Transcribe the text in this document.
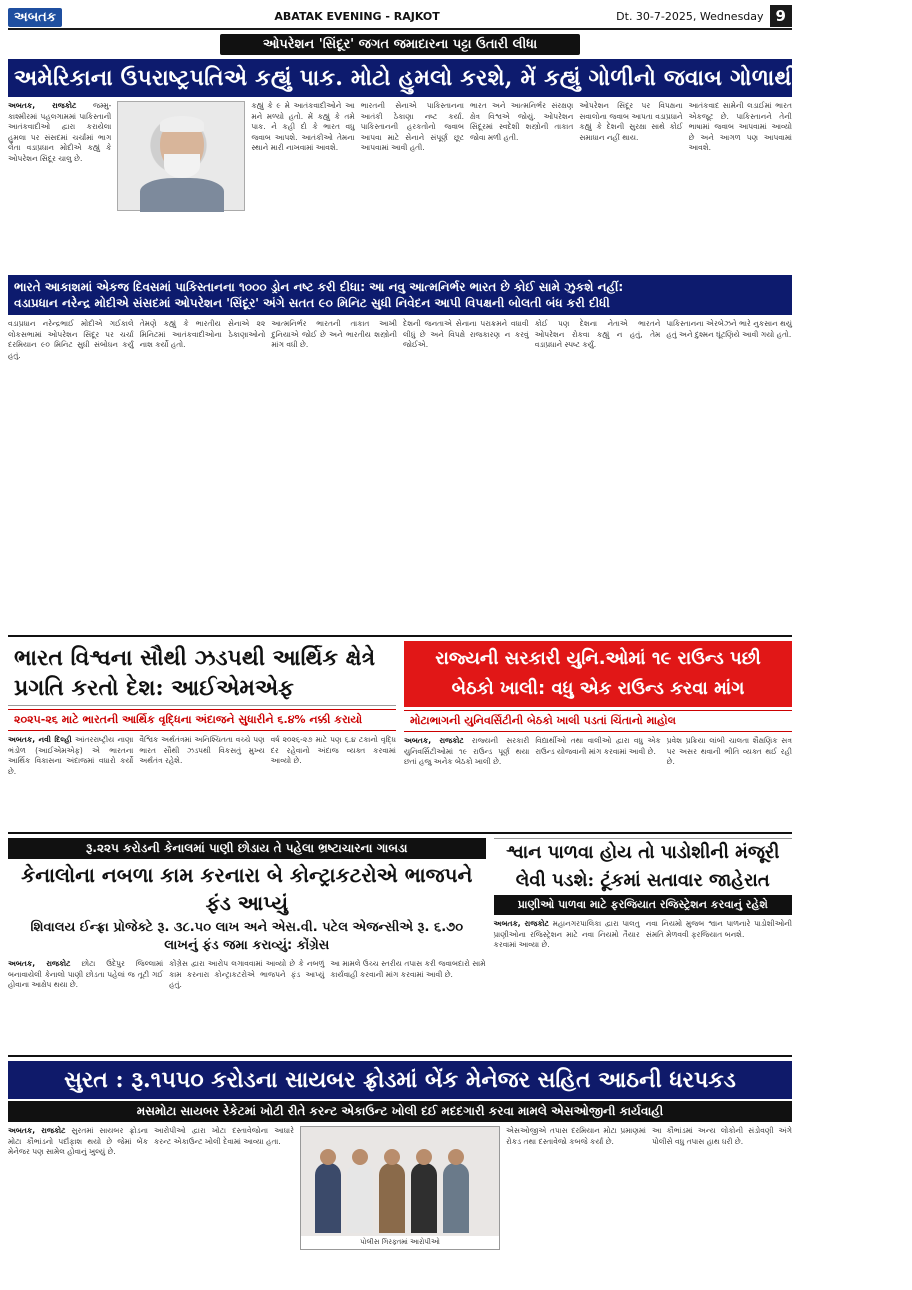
અબતક	ABATAK EVENING - RAJKOT	Dt. 30-7-2025, Wednesday 9
ઓપરેશન 'સિંદૂર' જગત જમાદારના પટ્ટા ઉતારી લીધા
અમેરિકાના ઉપરાષ્ટ્રપતિએ કહ્યું પાક. મોટો હુમલો કરશે, મેં કહ્યું ગોળીનો જવાબ ગોળાથી મળશે: મોદી
અબતક, રાજકોટ જમ્મુ-કાશ્મીરમાં પહલગામમાં પાકિસ્તાની આતંકવાદીઓ દ્વારા કરાયેલા હુમલા પર સંસદમાં ચર્ચામાં ભાગ લેતા વડાપ્રધાન મોદીએ કહ્યું કે ઓપરેશન સિંદૂર ચાલુ છે.
કહ્યું કે ૯ મે આતંકવાદીઓને આ મને મળ્યો હતો. મેં કહ્યું કે તમે પાક. ને કહી દો કે ભારત વધુ જવાબ આપશે. આતંકીઓ તેમના સ્થાને મારી નાખવામાં આવશે.
ભારતની સેનાએ પાકિસ્તાનના આતંકી ઠેકાણા નષ્ટ કર્યા. પાકિસ્તાનની હરકતોનો જવાબ આપવા માટે સેનાને સંપૂર્ણ છૂટ આપવામાં આવી હતી.
ભારત અને આત્મનિર્ભર સંરક્ષણ ક્ષેત્ર વિશ્વએ જોયું. ઓપરેશન સિંદૂરમાં સ્વદેશી શસ્ત્રોની તાકાત જોવા મળી હતી.
ઓપરેશન સિંદૂર પર વિપક્ષના સવાલોના જવાબ આપતા વડાપ્રધાને કહ્યું કે દેશની સુરક્ષા સાથે કોઈ સમાધાન નહીં થાય.
આતંકવાદ સામેની લડાઈમાં ભારત એકજૂટ છે. પાકિસ્તાનને તેની ભાષામાં જવાબ આપવામાં આવ્યો છે અને આગળ પણ આપવામાં આવશે.
ભારતે આકાશમાં એકજ દિવસમાં પાકિસ્તાનના ૧૦૦૦ ડ્રોન નષ્ટ કરી દીધા: આ નવુ આત્મનિર્ભર ભારત છે કોઈ સામે ઝુકશે નહીં:
વડાપ્રધાન નરેન્દ્ર મોદીએ સંસદમાં ઓપરેશન 'સિંદૂર' અંગે સતત ૯૦ મિનિટ સુધી નિવેદન આપી વિપક્ષની બોલતી બંધ કરી દીધી
વડાપ્રધાન નરેન્દ્રભાઈ મોદીએ ગઈકાલે લોકસભામાં ઓપરેશન સિંદૂર પર ચર્ચા દરમિયાન ૯૦ મિનિટ સુધી સંબોધન કર્યું હતું.
તેમણે કહ્યું કે ભારતીય સેનાએ ૨૨ મિનિટમાં આતંકવાદીઓના ઠેકાણાઓનો નાશ કર્યો હતો.
આત્મનિર્ભર ભારતની તાકાત આખી દુનિયાએ જોઈ છે અને ભારતીય શસ્ત્રોની માંગ વધી છે.
દેશની જનતાએ સેનાના પરાક્રમને વધાવી લીધું છે અને વિપક્ષે રાજકારણ ન કરવું જોઈએ.
કોઈ પણ દેશના નેતાએ ભારતને ઓપરેશન રોકવા કહ્યું ન હતું, તેમ વડાપ્રધાને સ્પષ્ટ કર્યું.
પાકિસ્તાનના એરબેઝને ભારે નુકસાન થયું હતું અને દુશ્મન ઘૂંટણિયે આવી ગયો હતો.
ભારત વિશ્વના સૌથી ઝડપથી આર્થિક ક્ષેત્રે પ્રગતિ કરતો દેશ: આઈએમએફ
૨૦૨૫-૨૬ માટે ભારતની આર્થિક વૃદ્ધિના અંદાજને સુધારીને ૬.૪% નક્કી કરાયો
અબતક, નવી દિલ્હી આંતરરાષ્ટ્રીય નાણા ભંડોળ (આઈએમએફ) એ ભારતના આર્થિક વિકાસના અંદાજમાં વધારો કર્યો છે.
વૈશ્વિક અર્થતંત્રમાં અનિશ્ચિતતા વચ્ચે પણ ભારત સૌથી ઝડપથી વિકસતું મુખ્ય અર્થતંત્ર રહેશે.
વર્ષ ૨૦૨૬-૨૭ માટે પણ ૬.૪ ટકાનો વૃદ્ધિ દર રહેવાનો અંદાજ વ્યક્ત કરવામાં આવ્યો છે.
રાજ્યની સરકારી યુનિ.ઓમાં ૧૯ રાઉન્ડ પછી બેઠકો ખાલી: વધુ એક રાઉન્ડ કરવા માંગ
મોટાભાગની યુનિવર્સિટીની બેઠકો ખાલી પડતાં ચિંતાનો માહોલ
અબતક, રાજકોટ રાજ્યની સરકારી યુનિવર્સિટીઓમાં ૧૯ રાઉન્ડ પૂર્ણ થયા છતાં હજુ અનેક બેઠકો ખાલી છે.
વિદ્યાર્થીઓ તથા વાલીઓ દ્વારા વધુ એક રાઉન્ડ યોજવાની માંગ કરવામાં આવી છે.
પ્રવેશ પ્રક્રિયા લાંબી ચાલતા શૈક્ષણિક સત્ર પર અસર થવાની ભીતિ વ્યક્ત થઈ રહી છે.
રૂ.૨૨૫ કરોડની કેનાલમાં પાણી છોડાય તે પહેલા ભ્રષ્ટાચારના ગાબડા
કેનાલોના નબળા કામ કરનારા બે કોન્ટ્રાકટરોએ ભાજપને ફંડ આપ્યું
શિવાલય ઈન્ફ્રા પ્રોજેક્ટે રૂ. ૩૮.૫૦ લાખ અને એસ.વી. પટેલ એજન્સીએ રૂ. ૬.૭૦ લાખનું ફંડ જમા કરાવ્યું: કોંગ્રેસ
અબતક, રાજકોટ છોટા ઉદેપુર જિલ્લામાં બનાવાયેલી કેનાલો પાણી છોડતા પહેલાં જ તૂટી ગઈ હોવાના આક્ષેપ થયા છે.
કોંગ્રેસ દ્વારા આરોપ લગાવવામાં આવ્યો છે કે નબળું કામ કરનારા કોન્ટ્રાકટરોએ ભાજપને ફંડ આપ્યું હતું.
આ મામલે ઉચ્ચ સ્તરીય તપાસ કરી જવાબદારો સામે કાર્યવાહી કરવાની માંગ કરવામાં આવી છે.
શ્વાન પાળવા હોય તો પાડોશીની મંજૂરી લેવી પડશે: ટૂંકમાં સતાવાર જાહેરાત
પ્રાણીઓ પાળવા માટે ફરજિયાત રજિસ્ટ્રેશન કરવાનું રહેશે
અબતક, રાજકોટ મહાનગરપાલિકા દ્વારા પાલતુ પ્રાણીઓના રજિસ્ટ્રેશન માટે નવા નિયમો તૈયાર કરવામાં આવ્યા છે.
નવા નિયમો મુજબ શ્વાન પાળનારે પાડોશીઓની સંમતિ મેળવવી ફરજિયાત બનશે.
સુરત : રૂ.૧૫૫૦ કરોડના સાયબર ફ્રોડમાં બેંક મેનેજર સહિત આઠની ધરપકડ
મસમોટા સાયબર રેકેટમાં ખોટી રીતે કરન્ટ એકાઉન્ટ ખોલી દઈ મદદગારી કરવા મામલે એસઓજીની કાર્યવાહી
અબતક, રાજકોટ સુરતમાં સાયબર ફ્રોડના મોટા કૌભાંડનો પર્દાફાશ થયો છે જેમાં બેંક મેનેજર પણ સામેલ હોવાનું ખુલ્યું છે.
આરોપીઓ દ્વારા ખોટા દસ્તાવેજોના આધારે કરન્ટ એકાઉન્ટ ખોલી દેવામાં આવ્યા હતા.
પોલીસ ગિરફ્તમાં આરોપીઓ
એસઓજીએ તપાસ દરમિયાન મોટા પ્રમાણમાં રોકડ તથા દસ્તાવેજો કબજે કર્યા છે.
આ કૌભાંડમાં અન્ય લોકોની સંડોવણી અંગે પોલીસે વધુ તપાસ હાથ ધરી છે.
